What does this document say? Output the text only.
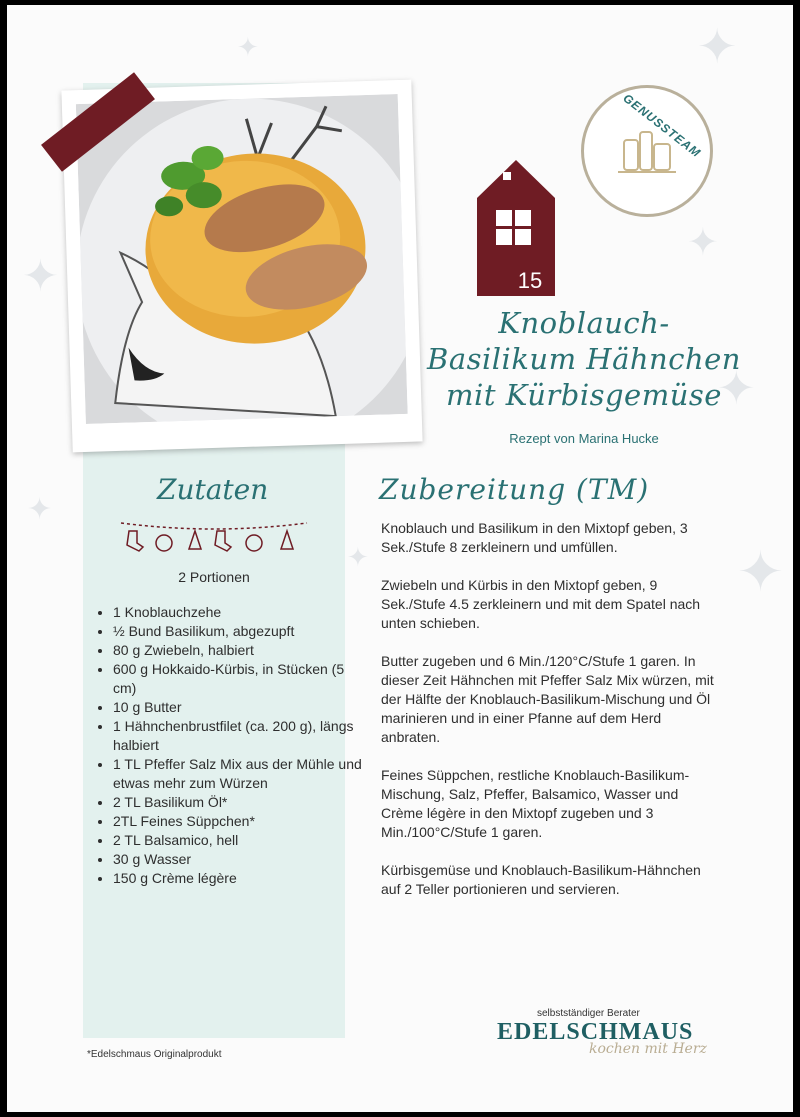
✦	✦
✦
✦
✦
✦
✦
✦
15
GENUSSTEAM
Knoblauch-
Basilikum Hähnchen
mit Kürbisgemüse
Rezept von Marina Hucke
Zutaten	Zubereitung (TM)
2 Portionen
• 1 Knoblauchzehe
• ½ Bund Basilikum, abgezupft
• 80 g Zwiebeln, halbiert
• 600 g Hokkaido-Kürbis, in Stücken (5 cm)
• 10 g Butter
• 1 Hähnchenbrustfilet (ca. 200 g), längs halbiert
• 1 TL Pfeffer Salz Mix aus der Mühle und etwas mehr zum Würzen
• 2 TL Basilikum Öl*
• 2TL Feines Süppchen*
• 2 TL Balsamico, hell
• 30 g Wasser
• 150 g Crème légère

Knoblauch und Basilikum in den Mixtopf geben, 3 Sek./Stufe 8 zerkleinern und umfüllen.

Zwiebeln und Kürbis in den Mixtopf geben, 9 Sek./Stufe 4.5 zerkleinern und mit dem Spatel nach unten schieben.

Butter zugeben und 6 Min./120°C/Stufe 1 garen. In dieser Zeit Hähnchen mit Pfeffer Salz Mix würzen, mit der Hälfte der Knoblauch-Basilikum-Mischung und Öl marinieren und in einer Pfanne auf dem Herd anbraten.

Feines Süppchen, restliche Knoblauch-Basilikum-Mischung, Salz, Pfeffer, Balsamico, Wasser und Crème légère in den Mixtopf zugeben und 3 Min./100°C/Stufe 1 garen.

Kürbisgemüse und Knoblauch-Basilikum-Hähnchen auf 2 Teller portionieren und servieren.

*Edelschmaus Originalprodukt
selbstständiger Berater
EDELSCHMAUS
kochen mit Herz
